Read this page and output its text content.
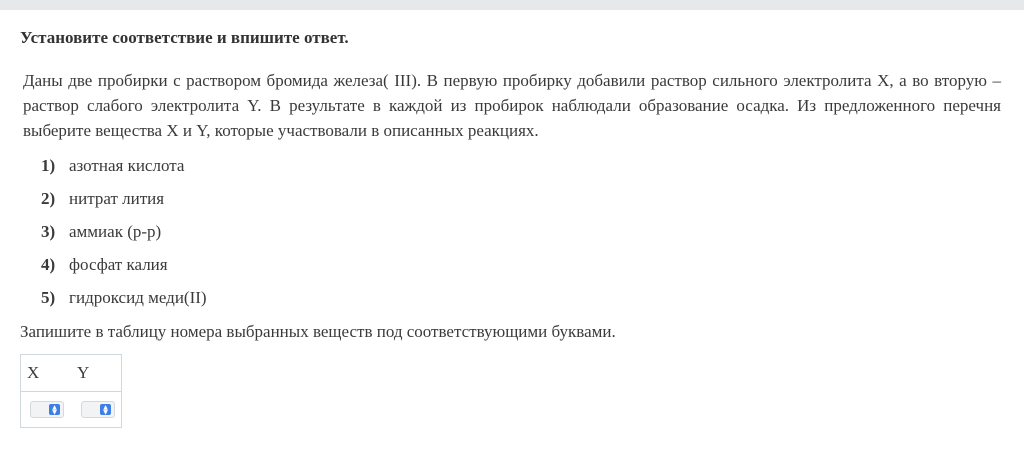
Установите соответствие и впишите ответ.

Даны две пробирки с раствором бромида железа( III). В первую пробирку добавили раствор сильного электролита X, а во вторую – раствор слабого электролита Y. В результате в каждой из пробирок наблюдали образование осадка. Из предложенного перечня выберите вещества X и Y, которые участвовали в описанных реакциях.

1) азотная кислота
2) нитрат лития
3) аммиак (р-р)
4) фосфат калия
5) гидроксид меди(II)

Запишите в таблицу номера выбранных веществ под соответствующими буквами.

X Y
▲
▼
▲
▼
